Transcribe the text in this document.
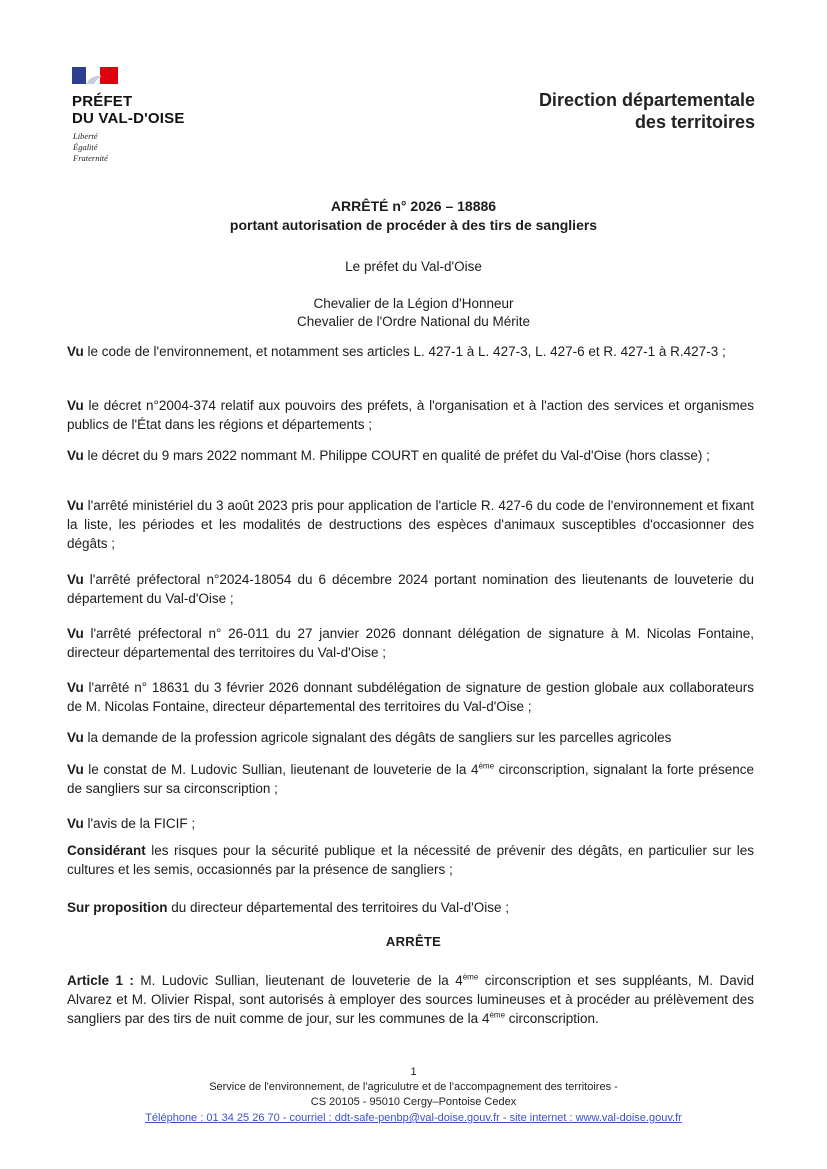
PRÉFET
DU VAL-D'OISE
Liberté
Égalité
Fraternité
Direction départementale
des territoires
ARRÊTÉ n° 2026 – 18886
portant autorisation de procéder à des tirs de sangliers
Le préfet du Val-d'Oise
Chevalier de la Légion d'Honneur
Chevalier de l'Ordre National du Mérite
Vu le code de l'environnement, et notamment ses articles L. 427-1 à L. 427-3, L. 427-6 et R. 427-1 à R.427-3 ;
Vu le décret n°2004-374 relatif aux pouvoirs des préfets, à l'organisation et à l'action des services et organismes publics de l'État dans les régions et départements ;
Vu le décret du 9 mars 2022 nommant M. Philippe COURT en qualité de préfet du Val-d'Oise (hors classe) ;
Vu l'arrêté ministériel du 3 août 2023 pris pour application de l'article R. 427-6 du code de l'environnement et fixant la liste, les périodes et les modalités de destructions des espèces d'animaux susceptibles d'occasionner des dégâts ;
Vu l'arrêté préfectoral n°2024-18054 du 6 décembre 2024 portant nomination des lieutenants de louveterie du département du Val-d'Oise ;
Vu l'arrêté préfectoral n° 26-011 du 27 janvier 2026 donnant délégation de signature à M. Nicolas Fontaine, directeur départemental des territoires du Val-d'Oise ;
Vu l'arrêté n° 18631 du 3 février 2026 donnant subdélégation de signature de gestion globale aux collaborateurs de M. Nicolas Fontaine, directeur départemental des territoires du Val-d'Oise ;
Vu la demande de la profession agricole signalant des dégâts de sangliers sur les parcelles agricoles
Vu le constat de M. Ludovic Sullian, lieutenant de louveterie de la 4ème circonscription, signalant la forte présence de sangliers sur sa circonscription ;
Vu l'avis de la FICIF ;
Considérant les risques pour la sécurité publique et la nécessité de prévenir des dégâts, en particulier sur les cultures et les semis, occasionnés par la présence de sangliers ;
Sur proposition du directeur départemental des territoires du Val-d'Oise ;
ARRÊTE
Article 1 : M. Ludovic Sullian, lieutenant de louveterie de la 4ème circonscription et ses suppléants, M. David Alvarez et M. Olivier Rispal, sont autorisés à employer des sources lumineuses et à procéder au prélèvement des sangliers par des tirs de nuit comme de jour, sur les communes de la 4ème circonscription.
1
Service de l'environnement, de l'agriculutre et de l'accompagnement des territoires -
CS 20105 - 95010 Cergy–Pontoise Cedex
Téléphone : 01 34 25 26 70 - courriel : ddt-safe-penbp@val-doise.gouv.fr - site internet : www.val-doise.gouv.fr
